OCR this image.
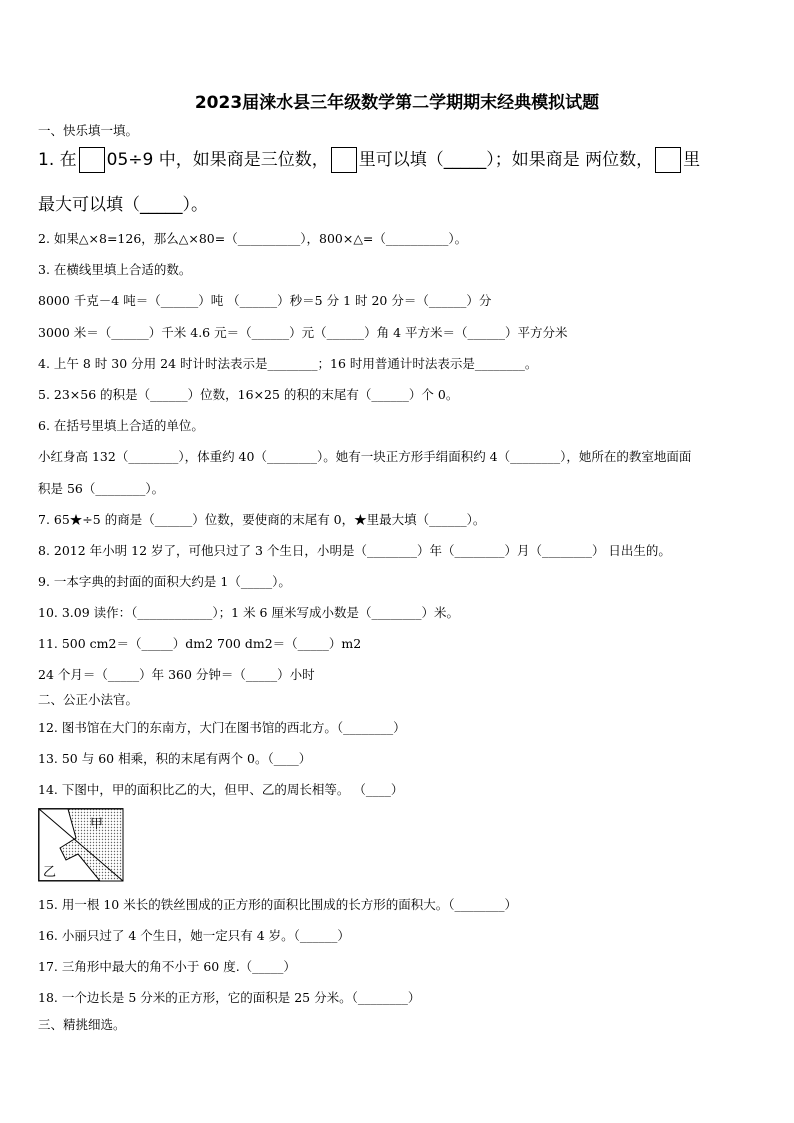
2023届涞水县三年级数学第二学期期末经典模拟试题
一、快乐填一填。
1. 在 05÷9 中，如果商是三位数， 里可以填（_____）；如果商是 两位数， 里
最大可以填（_____）。
2. 如果△×8=126，那么△×80=（__________），800×△=（__________）。
3. 在横线里填上合适的数。
8000 千克－4 吨＝（______）吨 （______）秒＝5 分 1 时 20 分＝（______）分
3000 米＝（______）千米 4.6 元＝（______）元（______）角 4 平方米＝（______）平方分米
4. 上午 8 时 30 分用 24 时计时法表示是________；16 时用普通计时法表示是________。
5. 23×56 的积是（______）位数，16×25 的积的末尾有（______）个 0。
6. 在括号里填上合适的单位。
小红身高 132（________），体重约 40（________）。她有一块正方形手绢面积约 4（________），她所在的教室地面面
积是 56（________）。
7. 65★÷5 的商是（______）位数，要使商的末尾有 0，★里最大填（______）。
8. 2012 年小明 12 岁了，可他只过了 3 个生日，小明是（________）年（________）月（________） 日出生的。
9. 一本字典的封面的面积大约是 1（_____）。
10. 3.09 读作：（____________）；1 米 6 厘米写成小数是（________）米。
11. 500 cm2＝（_____）dm2 700 dm2＝（_____）m2
24 个月＝（_____）年 360 分钟＝（_____）小时
二、公正小法官。
12. 图书馆在大门的东南方，大门在图书馆的西北方。（________）
13. 50 与 60 相乘，积的末尾有两个 0。（____）
14. 下图中，甲的面积比乙的大，但甲、乙的周长相等。 （____）
甲
乙
15. 用一根 10 米长的铁丝围成的正方形的面积比围成的长方形的面积大。（________）
16. 小丽只过了 4 个生日，她一定只有 4 岁。（______）
17. 三角形中最大的角不小于 60 度.（_____）
18. 一个边长是 5 分米的正方形，它的面积是 25 分米。（________）
三、精挑细选。
